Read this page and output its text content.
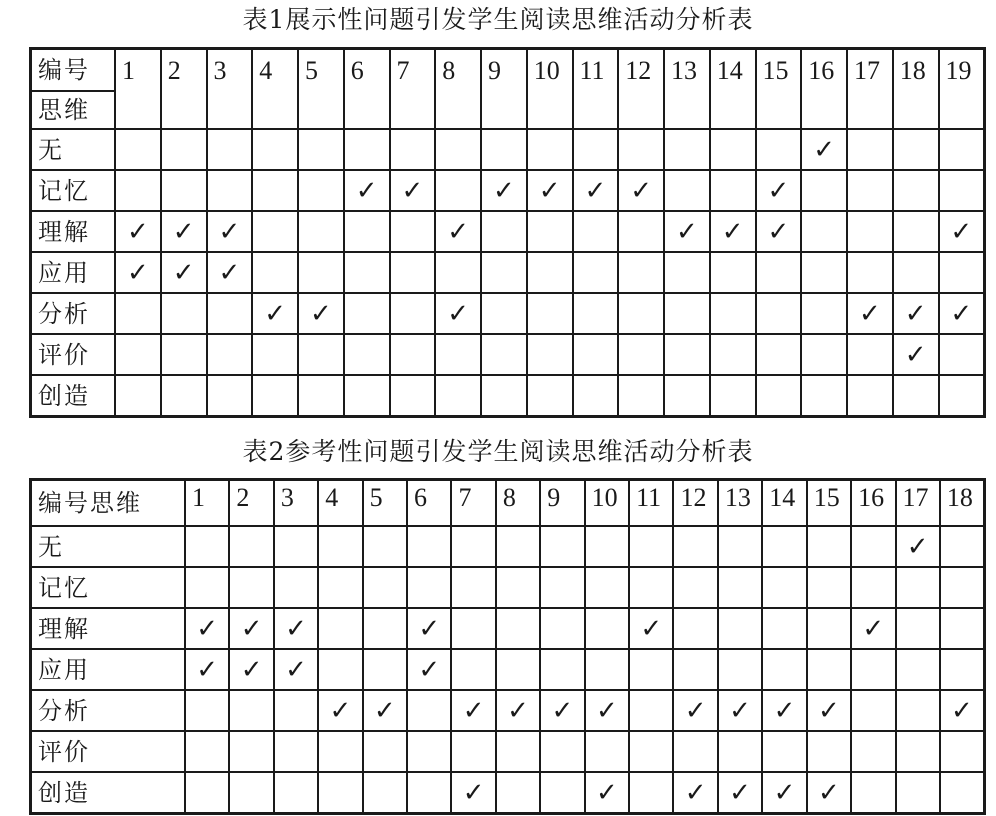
表1展示性问题引发学生阅读思维活动分析表
编号	1	2	3	4	5	6	7	8	9	10	11	12	13	14	15	16	17	18	19
思维																			
无																✓			
记忆						✓	✓		✓	✓	✓	✓			✓				
理解	✓	✓	✓					✓					✓	✓	✓				✓
应用	✓	✓	✓																
分析				✓	✓			✓									✓	✓	✓
评价																		✓	
创造																			
表2参考性问题引发学生阅读思维活动分析表
编号思维	1	2	3	4	5	6	7	8	9	10	11	12	13	14	15	16	17	18
无																	✓	
记忆																		
理解	✓	✓	✓			✓					✓					✓		
应用	✓	✓	✓			✓												
分析				✓	✓		✓	✓	✓	✓		✓	✓	✓	✓			✓
评价																		
创造							✓			✓		✓	✓	✓	✓			
